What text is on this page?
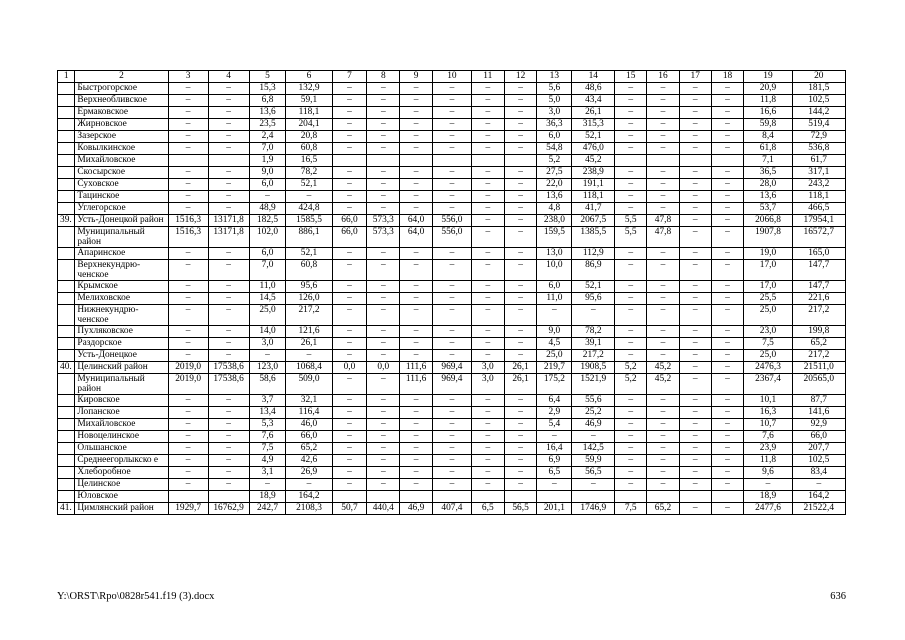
1	2	3	4	5	6	7	8	9	10	11	12	13	14	15	16	17	18	19	20
	Быстрогорское	–	–	15,3	132,9	–	–	–	–	–	–	5,6	48,6	–	–	–	–	20,9	181,5
	Верхнеобливское	–	–	6,8	59,1	–	–	–	–	–	–	5,0	43,4	–	–	–	–	11,8	102,5
	Ермаковское	–	–	13,6	118,1	–	–	–	–	–	–	3,0	26,1	–	–	–	–	16,6	144,2
	Жирновское	–	–	23,5	204,1	–	–	–	–	–	–	36,3	315,3	–	–	–	–	59,8	519,4
	Зазерское	–	–	2,4	20,8	–	–	–	–	–	–	6,0	52,1	–	–	–	–	8,4	72,9
	Ковылкинское	–	–	7,0	60,8	–	–	–	–	–	–	54,8	476,0	–	–	–	–	61,8	536,8
	Михайловское			1,9	16,5							5,2	45,2					7,1	61,7
	Скосырское	–	–	9,0	78,2	–	–	–	–	–	–	27,5	238,9	–	–	–	–	36,5	317,1
	Суховское	–	–	6,0	52,1	–	–	–	–	–	–	22,0	191,1	–	–	–	–	28,0	243,2
	Тацинское	–	–	–	–	–	–	–	–	–	–	13,6	118,1	–	–	–	–	13,6	118,1
	Углегорское	–	–	48,9	424,8	–	–	–	–	–	–	4,8	41,7	–	–	–	–	53,7	466,5
39.	Усть-Донецкой район	1516,3	13171,8	182,5	1585,5	66,0	573,3	64,0	556,0	–	–	238,0	2067,5	5,5	47,8	–	–	2066,8	17954,1
	Муниципальный район	1516,3	13171,8	102,0	886,1	66,0	573,3	64,0	556,0	–	–	159,5	1385,5	5,5	47,8	–	–	1907,8	16572,7
	Апаринское	–	–	6,0	52,1	–	–	–	–	–	–	13,0	112,9	–	–	–	–	19,0	165,0
	Верхнекундрю-ченское	–	–	7,0	60,8	–	–	–	–	–	–	10,0	86,9	–	–	–	–	17,0	147,7
	Крымское	–	–	11,0	95,6	–	–	–	–	–	–	6,0	52,1	–	–	–	–	17,0	147,7
	Мелиховское	–	–	14,5	126,0	–	–	–	–	–	–	11,0	95,6	–	–	–	–	25,5	221,6
	Нижнекундрю-ченское	–	–	25,0	217,2	–	–	–	–	–	–	–	–	–	–	–	–	25,0	217,2
	Пухляковское	–	–	14,0	121,6	–	–	–	–	–	–	9,0	78,2	–	–	–	–	23,0	199,8
	Раздорское	–	–	3,0	26,1	–	–	–	–	–	–	4,5	39,1	–	–	–	–	7,5	65,2
	Усть-Донецкое	–	–	–	–	–	–	–	–	–	–	25,0	217,2	–	–	–	–	25,0	217,2
40.	Целинский район	2019,0	17538,6	123,0	1068,4	0,0	0,0	111,6	969,4	3,0	26,1	219,7	1908,5	5,2	45,2	–	–	2476,3	21511,0
	Муниципальный район	2019,0	17538,6	58,6	509,0	–	–	111,6	969,4	3,0	26,1	175,2	1521,9	5,2	45,2	–	–	2367,4	20565,0
	Кировское	–	–	3,7	32,1	–	–	–	–	–	–	6,4	55,6	–	–	–	–	10,1	87,7
	Лопанское	–	–	13,4	116,4	–	–	–	–	–	–	2,9	25,2	–	–	–	–	16,3	141,6
	Михайловское	–	–	5,3	46,0	–	–	–	–	–	–	5,4	46,9	–	–	–	–	10,7	92,9
	Новоцелинское	–	–	7,6	66,0	–	–	–	–	–	–	–	–	–	–	–	–	7,6	66,0
	Ольшанское	–	–	7,5	65,2	–	–	–	–	–	–	16,4	142,5	–	–	–	–	23,9	207,7
	Среднеегорлыкско е	–	–	4,9	42,6	–	–	–	–	–	–	6,9	59,9	–	–	–	–	11,8	102,5
	Хлеборобное	–	–	3,1	26,9	–	–	–	–	–	–	6,5	56,5	–	–	–	–	9,6	83,4
	Целинское	–	–	–	–	–	–	–	–	–	–	–	–	–	–	–	–	–	–
	Юловское			18,9	164,2													18,9	164,2
41.	Цимлянский район	1929,7	16762,9	242,7	2108,3	50,7	440,4	46,9	407,4	6,5	56,5	201,1	1746,9	7,5	65,2	–	–	2477,6	21522,4
Y:\ORST\Rpo\0828r541.f19 (3).docx	636
